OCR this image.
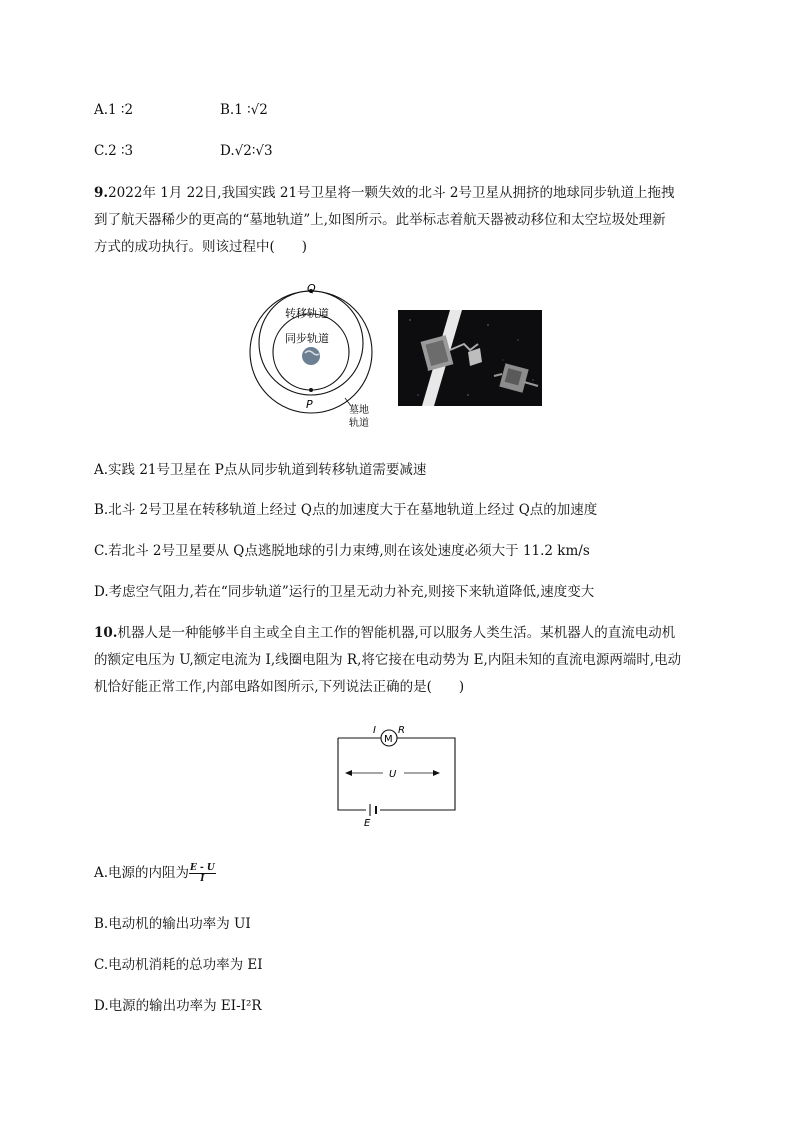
A.1 ∶2	B.1 ∶√2
C.2 ∶3	D.√2∶√3
9.2022年 1月 22日,我国实践 21号卫星将一颗失效的北斗 2号卫星从拥挤的地球同步轨道上拖拽
到了航天器稀少的更高的“墓地轨道”上,如图所示。此举标志着航天器被动移位和太空垃圾处理新
方式的成功执行。则该过程中(　　)
Q
P
转移轨道
同步轨道
墓地
轨道
A.实践 21号卫星在 P点从同步轨道到转移轨道需要减速
B.北斗 2号卫星在转移轨道上经过 Q点的加速度大于在墓地轨道上经过 Q点的加速度
C.若北斗 2号卫星要从 Q点逃脱地球的引力束缚,则在该处速度必须大于 11.2 km/s
D.考虑空气阻力,若在“同步轨道”运行的卫星无动力补充,则接下来轨道降低,速度变大
10.机器人是一种能够半自主或全自主工作的智能机器,可以服务人类生活。某机器人的直流电动机
的额定电压为 U,额定电流为 I,线圈电阻为 R,将它接在电动势为 E,内阻未知的直流电源两端时,电动
机恰好能正常工作,内部电路如图所示,下列说法正确的是(　　)
M
I R
U
E
A.电源的内阻为 $\frac{E - U}{I}$
B.电动机的输出功率为 UI
C.电动机消耗的总功率为 EI
D.电源的输出功率为 EI-I²R
